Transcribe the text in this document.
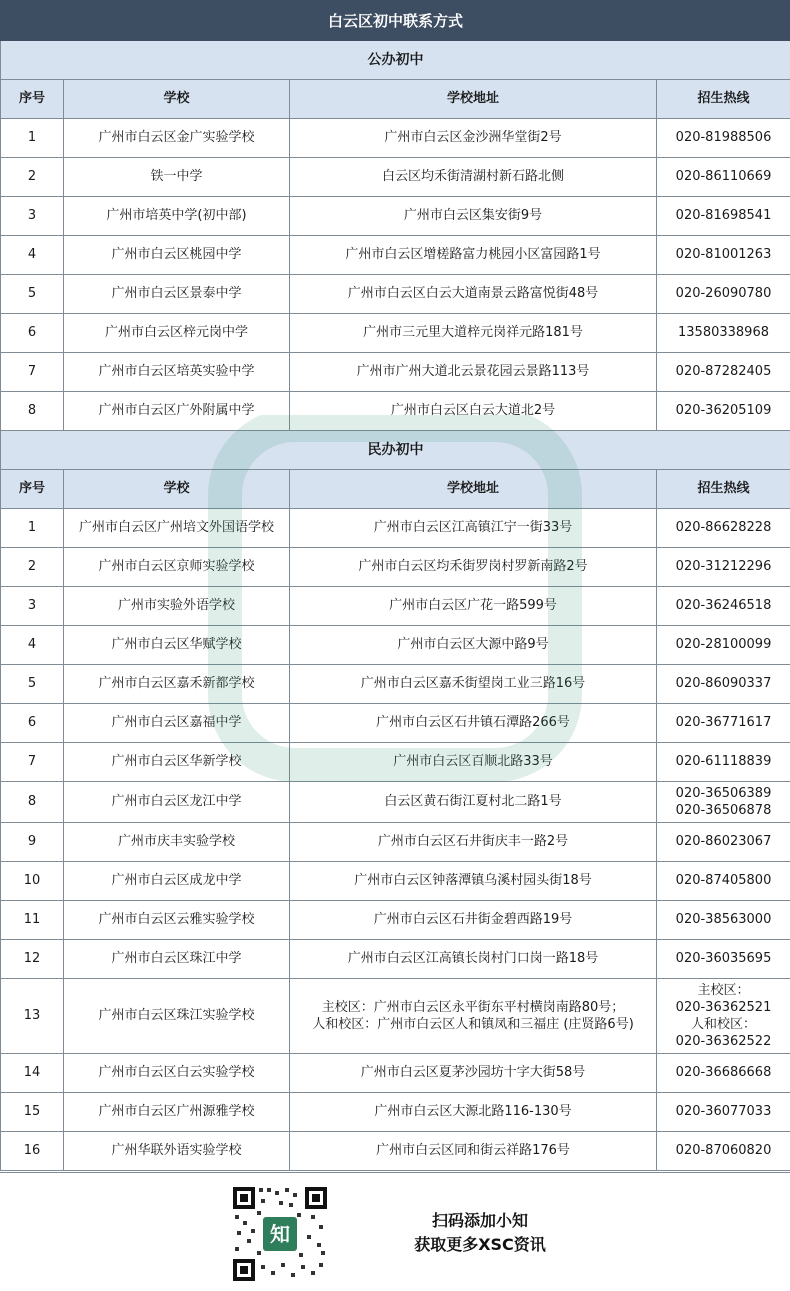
白云区初中联系方式			
公办初中			
序号	学校	学校地址	招生热线
1	广州市白云区金广实验学校	广州市白云区金沙洲华堂街2号	020-81988506
2	铁一中学	白云区均禾街清湖村新石路北侧	020-86110669
3	广州市培英中学(初中部)	广州市白云区集安街9号	020-81698541
4	广州市白云区桃园中学	广州市白云区增槎路富力桃园小区富园路1号	020-81001263
5	广州市白云区景泰中学	广州市白云区白云大道南景云路富悦街48号	020-26090780
6	广州市白云区梓元岗中学	广州市三元里大道梓元岗祥元路181号	13580338968
7	广州市白云区培英实验中学	广州市广州大道北云景花园云景路113号	020-87282405
8	广州市白云区广外附属中学	广州市白云区白云大道北2号	020-36205109
民办初中			
序号	学校	学校地址	招生热线
1	广州市白云区广州培文外国语学校	广州市白云区江高镇江宁一街33号	020-86628228
2	广州市白云区京师实验学校	广州市白云区均禾街罗岗村罗新南路2号	020-31212296
3	广州市实验外语学校	广州市白云区广花一路599号	020-36246518
4	广州市白云区华赋学校	广州市白云区大源中路9号	020-28100099
5	广州市白云区嘉禾新都学校	广州市白云区嘉禾街望岗工业三路16号	020-86090337
6	广州市白云区嘉福中学	广州市白云区石井镇石潭路266号	020-36771617
7	广州市白云区华新学校	广州市白云区百顺北路33号	020-61118839
8	广州市白云区龙江中学	白云区黄石街江夏村北二路1号	020-36506389
020-36506878
9	广州市庆丰实验学校	广州市白云区石井街庆丰一路2号	020-86023067
10	广州市白云区成龙中学	广州市白云区钟落潭镇乌溪村园头街18号	020-87405800
11	广州市白云区云雅实验学校	广州市白云区石井街金碧西路19号	020-38563000
12	广州市白云区珠江中学	广州市白云区江高镇长岗村门口岗一路18号	020-36035695
13	广州市白云区珠江实验学校	主校区：广州市白云区永平街东平村横岗南路80号；
人和校区：广州市白云区人和镇凤和三福庄 (庄贤路6号)	主校区：
020-36362521
人和校区：
020-36362522
14	广州市白云区白云实验学校	广州市白云区夏茅沙园坊十字大街58号	020-36686668
15	广州市白云区广州源雅学校	广州市白云区大源北路116-130号	020-36077033
16	广州华联外语实验学校	广州市白云区同和街云祥路176号	020-87060820
知
扫码添加小知
获取更多XSC资讯
